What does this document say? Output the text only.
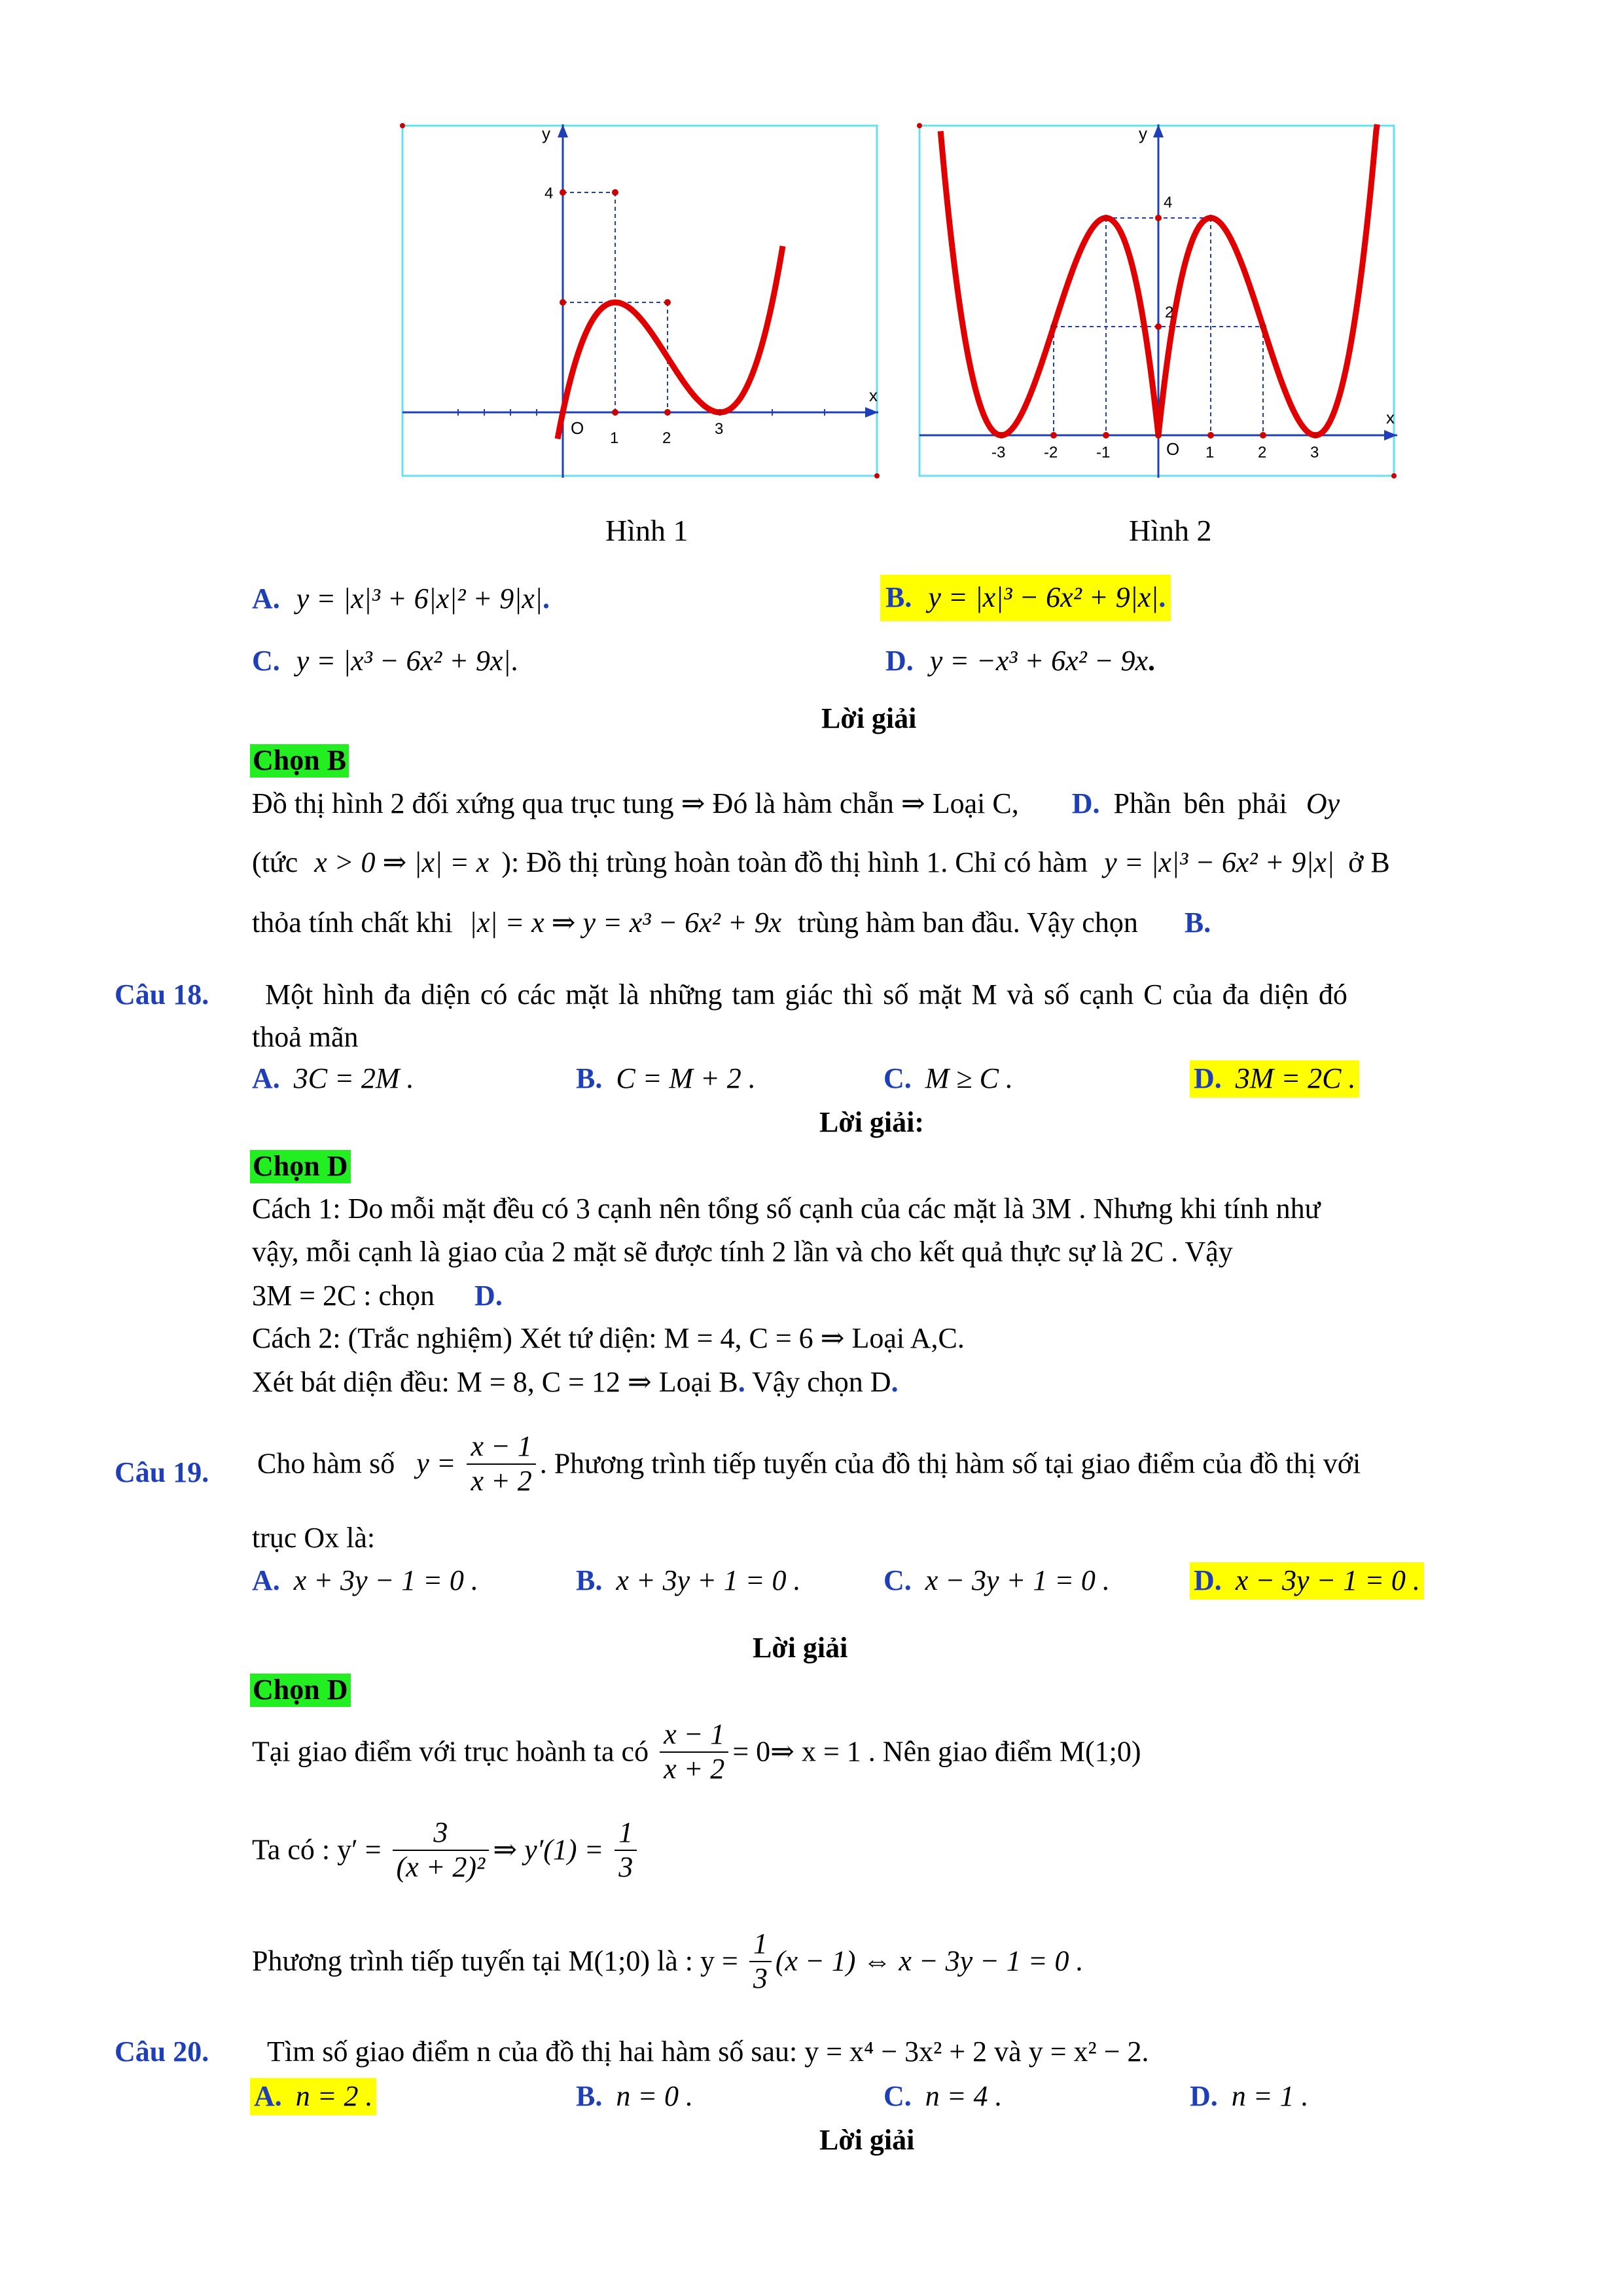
y
x
O
4
1	2
3
y
x
O
4
2
-3 -2 -1	1	2	3
Hình 1	Hình 2
A. y = |x|³ + 6|x|² + 9|x|.	B. y = |x|³ − 6x² + 9|x|.
C. y = |x³ − 6x² + 9x|.	D. y = −x³ + 6x² − 9x.
Lời giải
Chọn B
Đồ thị hình 2 đối xứng qua trục tung ⇒ Đó là hàm chẵn ⇒ Loại C, D. Phần bên phải Oy
(tức x > 0 ⇒ |x| = x ): Đồ thị trùng hoàn toàn đồ thị hình 1. Chỉ có hàm y = |x|³ − 6x² + 9|x| ở B
thỏa tính chất khi |x| = x ⇒ y = x³ − 6x² + 9x trùng hàm ban đầu. Vậy chọn B.
Câu 18. Một hình đa diện có các mặt là những tam giác thì số mặt M và số cạnh C của đa diện đó
thoả mãn
A. 3C = 2M .	B. C = M + 2 .	C. M ≥ C .	D. 3M = 2C .
Lời giải:
Chọn D
Cách 1: Do mỗi mặt đều có 3 cạnh nên tổng số cạnh của các mặt là 3M . Nhưng khi tính như
vậy, mỗi cạnh là giao của 2 mặt sẽ được tính 2 lần và cho kết quả thực sự là 2C . Vậy
3M = 2C : chọn D.
Cách 2: (Trắc nghiệm) Xét tứ diện: M = 4, C = 6 ⇒ Loại A,C.
Xét bát diện đều: M = 8, C = 12 ⇒ Loại B. Vậy chọn D.
Câu 19. Cho hàm số $y = \frac{x - 1}{x + 2}$ . Phương trình tiếp tuyến của đồ thị hàm số tại giao điểm của đồ thị với
trục Ox là:
A. x + 3y − 1 = 0 .	B. x + 3y + 1 = 0 .	C. x − 3y + 1 = 0 .	D. x − 3y − 1 = 0 .
Lời giải
Chọn D
Tại giao điểm với trục hoành ta có $\frac{x - 1}{x + 2}$ = 0⇒ x = 1 . Nên giao điểm M(1;0)
Ta có : $y' = \frac{3}{\text{(x + 2)²}}$ ⇒ $y'(1) = \frac{1}{3}$
Phương trình tiếp tuyến tại M(1;0) là : $y = \frac{1}{3} (x - 1)$ ⇔ x − 3y − 1 = 0 .
Câu 20. Tìm số giao điểm n của đồ thị hai hàm số sau: y = x⁴ − 3x² + 2 và y = x² − 2.
A. n = 2 .	B. n = 0 .	C. n = 4 .	D. n = 1 .
Lời giải
